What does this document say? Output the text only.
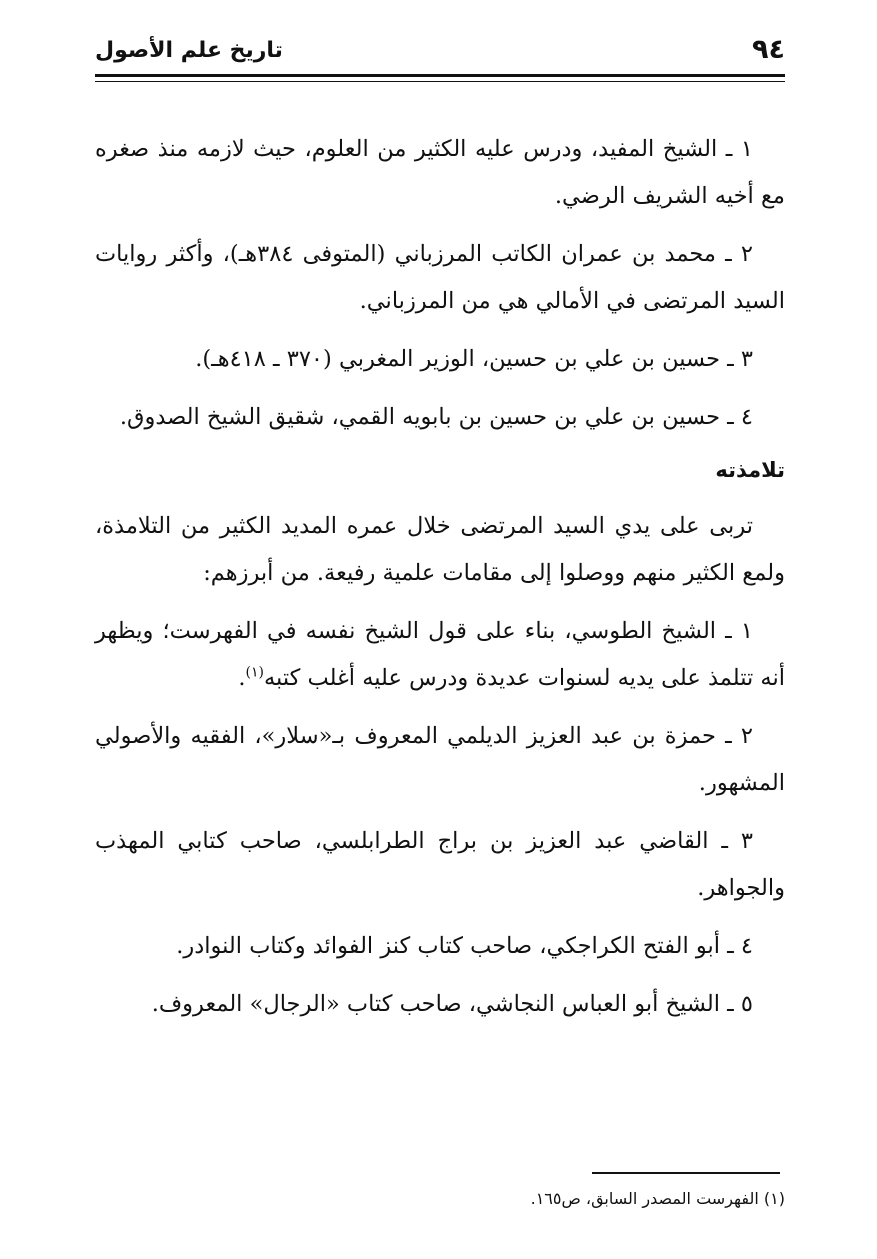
٩٤
تاريخ علم الأصول

١ ـ الشيخ المفيد، ودرس عليه الكثير من العلوم، حيث لازمه منذ صغره مع أخيه الشريف الرضي.

٢ ـ محمد بن عمران الكاتب المرزباني (المتوفى ٣٨٤هـ)، وأكثر روايات السيد المرتضى في الأمالي هي من المرزباني.

٣ ـ حسين بن علي بن حسين، الوزير المغربي (٣٧٠ ـ ٤١٨هـ).

٤ ـ حسين بن علي بن حسين بن بابويه القمي، شقيق الشيخ الصدوق.

تلامذته

تربى على يدي السيد المرتضى خلال عمره المديد الكثير من التلامذة، ولمع الكثير منهم ووصلوا إلى مقامات علمية رفيعة. من أبرزهم:

١ ـ الشيخ الطوسي، بناء على قول الشيخ نفسه في الفهرست؛ ويظهر أنه تتلمذ على يديه لسنوات عديدة ودرس عليه أغلب كتبه$^{(١)}$.

٢ ـ حمزة بن عبد العزيز الديلمي المعروف بـ«سلار»، الفقيه والأصولي المشهور.

٣ ـ القاضي عبد العزيز بن براج الطرابلسي، صاحب كتابي المهذب والجواهر.

٤ ـ أبو الفتح الكراجكي، صاحب كتاب كنز الفوائد وكتاب النوادر.

٥ ـ الشيخ أبو العباس النجاشي، صاحب كتاب «الرجال» المعروف.

(١) الفهرست المصدر السابق، ص١٦٥.
